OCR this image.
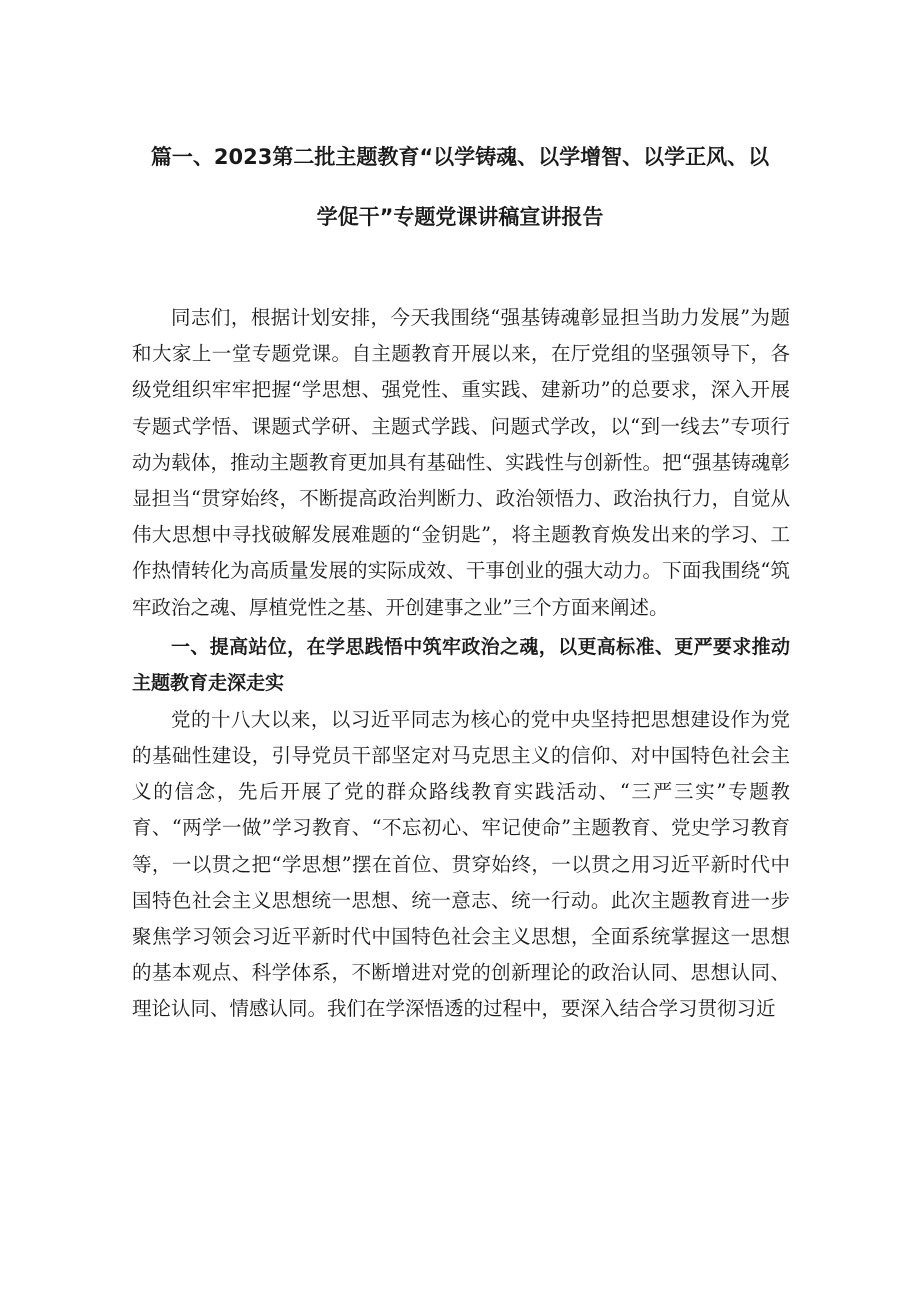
篇一、2023第二批主题教育“以学铸魂、以学增智、以学正风、以
学促干”专题党课讲稿宣讲报告

同志们，根据计划安排，今天我围绕“强基铸魂彰显担当助力发展”为题和大家上一堂专题党课。自主题教育开展以来，在厅党组的坚强领导下，各级党组织牢牢把握“学思想、强党性、重实践、建新功”的总要求，深入开展专题式学悟、课题式学研、主题式学践、问题式学改，以“到一线去”专项行动为载体，推动主题教育更加具有基础性、实践性与创新性。把“强基铸魂彰显担当“贯穿始终，不断提高政治判断力、政治领悟力、政治执行力，自觉从伟大思想中寻找破解发展难题的“金钥匙”，将主题教育焕发出来的学习、工作热情转化为高质量发展的实际成效、干事创业的强大动力。下面我围绕“筑牢政治之魂、厚植党性之基、开创建事之业”三个方面来阐述。

一、提高站位，在学思践悟中筑牢政治之魂，以更高标准、更严要求推动主题教育走深走实

党的十八大以来，以习近平同志为核心的党中央坚持把思想建设作为党的基础性建设，引导党员干部坚定对马克思主义的信仰、对中国特色社会主义的信念，先后开展了党的群众路线教育实践活动、“三严三实”专题教育、“两学一做”学习教育、“不忘初心、牢记使命”主题教育、党史学习教育等，一以贯之把“学思想”摆在首位、贯穿始终，一以贯之用习近平新时代中国特色社会主义思想统一思想、统一意志、统一行动。此次主题教育进一步聚焦学习领会习近平新时代中国特色社会主义思想，全面系统掌握这一思想的基本观点、科学体系，不断增进对党的创新理论的政治认同、思想认同、理论认同、情感认同。我们在学深悟透的过程中，要深入结合学习贯彻习近
